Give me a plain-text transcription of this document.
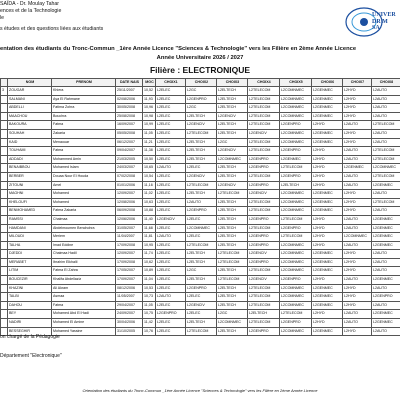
SAÏDA - Dr. Moulay Tahar
ences et de la Technologie
le
s études et des questions liées aux étudiants
UNIVER
DR M
SA
entation des étudiants du Tronc-Commun _1ère Année Licence "Sciences & Technologie" vers les Filière en 2ème Année Licence
Année Universitaire 2026 / 2027
Filière : ELECTRONIQUE
	NOM	PRENOM	DATE NAIS	MGC	CHOIX1	CHOIX2	CHOIX3	CHOIX4	CHOIX5	CHOIX6	CHOIX7	CHOIX8
3	ZOUGAR	Khiera	25/11/2007	10,52	L2ELEC	L2GC	L2ELTECH	L2TELECOM	L2COMNMEC	L2GENMEC	L2HYD	L2AUTO
	SALMANI	Aya El Rahmane	02/08/2006	11,93	L2ELEC	L2GENPRO	L2ELTECH	L2TELECOM	L2COMNMEC	L2GENMEC	L2HYD	L2AUTO
	ABDELLI	Fatima Zohra	30/05/2008	10,96	L2ELEC	L2GC	L2ELTECH	L2TELECOM	L2COMNMEC	L2GENMEC	L2HYD	L2AUTO
	MAACHOU	Bouchra	25/08/2008	10,98	L2ELEC	L2ELTECH	L2GENCIV	L2TELECOM	L2COMNMEC	L2GENMEC	L2HYD	L2AUTO
	BAKOURA	Fatma	16/09/2007	10,99	L2ELEC	L2GENCIV	L2ELTECH	L2TELECOM	L2GENPRO	L2HYD	L2AUTO	L2TELECOM
	SOUHAH	Zakaria	05/05/2008	11,05	L2ELEC	L2TELECOM	L2ELTECH	L2GENCIV	L2COMNMEC	L2GENMEC	L2HYD	L2AUTO
	KAID	Menaouar	06/12/2007	11,21	L2ELEC	L2ELTECH	L2GC	L2TELECOM	L2COMNMEC	L2GENMEC	L2HYD	L2AUTO
	TOUHAMI	Fatma	09/04/2007	11,38	L2ELEC	L2ELTECH	L2GENCIV	L2TELECOM	L2GENPRO	L2HYD	L2AUTO	L2TELECOM
	ADDADI	Mohammed Amin	21/03/2005	10,50	L2ELEC	L2ELTECH	L2COMNMEC	L2GENPRO	L2GENMEC	L2HYD	L2AUTO	L2TELECOM
	BENAIBBOU	Mohamed Islam	24/03/2007	10,65	L2AUTO	L2ELEC	L2ELTECH	L2GENPRO	L2TELECOM	L2HYD	L2GENMEC	L2COMNMEC
	BERBER	Douaa Nour El Houda	07/02/2008	10,54	L2ELEC	L2GENCIV	L2ELTECH	L2TELECOM	L2GENPRO	L2HYD	L2AUTO	L2TELECOM
	ZITOUNI	Amel	01/01/2006	11,16	L2ELEC	L2TELECOM	L2GENCIV	L2GENPRO	L2ELTECH	L2HYD	L2AUTO	L2GENMEC
	MAGHNI	Mohamed	12/09/2007	11,02	L2ELEC	L2ELTECH	L2TELECOM	L2GENCIV	L2COMNMEC	L2GENMEC	L2HYD	L2AUTO
	KHELOUFI	Mohamed	12/08/2006	10,63	L2ELEC	L2AUTO	L2ELTECH	L2TELECOM	L2COMNMEC	L2GENMEC	L2HYD	L2TELECOM
	BENMOHAMED	Fatma Zakaria	06/09/2008	10,88	L2ELEC	L2GENPRO	L2ELTECH	L2TELECOM	L2COMNMEC	L2GENMEC	L2HYD	L2AUTO
	RAMSSI	Chaimaa	12/06/2006	11,40	L2GENCIV	L2ELEC	L2ELTECH	L2GENPRO	L2TELECOM	L2HYD	L2AUTO	L2GENMEC
	HAMDANI	Abdelmoumen Benchohra	31/05/2007	11,68	L2ELEC	L2COMNMEC	L2ELTECH	L2TELECOM	L2GENPRO	L2HYD	L2AUTO	L2GENMEC
	MILOUDI	Meriem	11/04/2007	11,81	L2AUTO	L2ELEC	L2ELTECH	L2GENPRO	L2TELECOM	L2HYD	L2COMNMEC	L2GENMEC
	TALHA	Imad Eddine	17/09/2008	10,95	L2ELEC	L2TELECOM	L2ELTECH	L2GENPRO	L2COMNMEC	L2HYD	L2AUTO	L2GENMEC
	DJEDDI	Chaimaa Hadil	12/09/2007	11,74	L2ELEC	L2ELTECH	L2TELECOM	L2GENCIV	L2COMNMEC	L2GENMEC	L2HYD	L2AUTO
	MERABET	Ibrahim Elkhalil	17/09/2008	10,62	L2ELEC	L2ELTECH	L2TELECOM	L2GENPRO	L2COMNMEC	L2GENMEC	L2HYD	L2AUTO
	LITIM	Fatma El Zahra	17/05/2007	10,89	L2ELEC	L2GC	L2ELTECH	L2TELECOM	L2COMNMEC	L2GENMEC	L2HYD	L2AUTO
	BOUCEZIR	Khalifa Abdellaziz	17/09/2007	11,04	L2ELEC	L2ELTECH	L2TELECOM	L2GENCIV	L2GENPRO	L2HYD	L2AUTO	L2GENMEC
	KHAZINI	Ali Akram	08/12/2006	10,53	L2ELEC	L2GENPRO	L2ELTECH	L2TELECOM	L2COMNMEC	L2GENMEC	L2HYD	L2AUTO
	TALBI	Asmaa	11/05/2007	10,73	L2AUTO	L2ELEC	L2ELTECH	L2TELECOM	L2COMNMEC	L2GENMEC	L2HYD	L2GENPRO
	DAHOU	Fatma	29/04/2007	11,05	L2ELEC	L2GENCIV	L2ELTECH	L2TELECOM	L2COMNMEC	L2GENMEC	L2HYD	L2AUTO
	BEY	Mohamed Abd El Hadi	24/09/2007	10,75	L2GENPRO	L2ELEC	L2GC	L2ELTECH	L2TELECOM	L2HYD	L2AUTO	L2GENMEC
	NADIRI	Mohamed El Amine	30/04/2006	11,42	L2ELEC	L2ELTECH	L2COMNMEC	L2TELECOM	L2GENPRO	L2HYD	L2AUTO	L2GENMEC
	BESSEGHIR	Mohamed Yassine	31/10/2005	10,76	L2ELEC	L2TELECOM	L2ELTECH	L2GENPRO	L2COMNMEC	L2GENMEC	L2HYD	L2AUTO
on chargé de la Pédagogie
Département "Electronique"
Orientation des étudiants du Tronc-Commun _1ère Année Licence "Sciences & Technologie" vers les Filière en 2ème Année Licence
